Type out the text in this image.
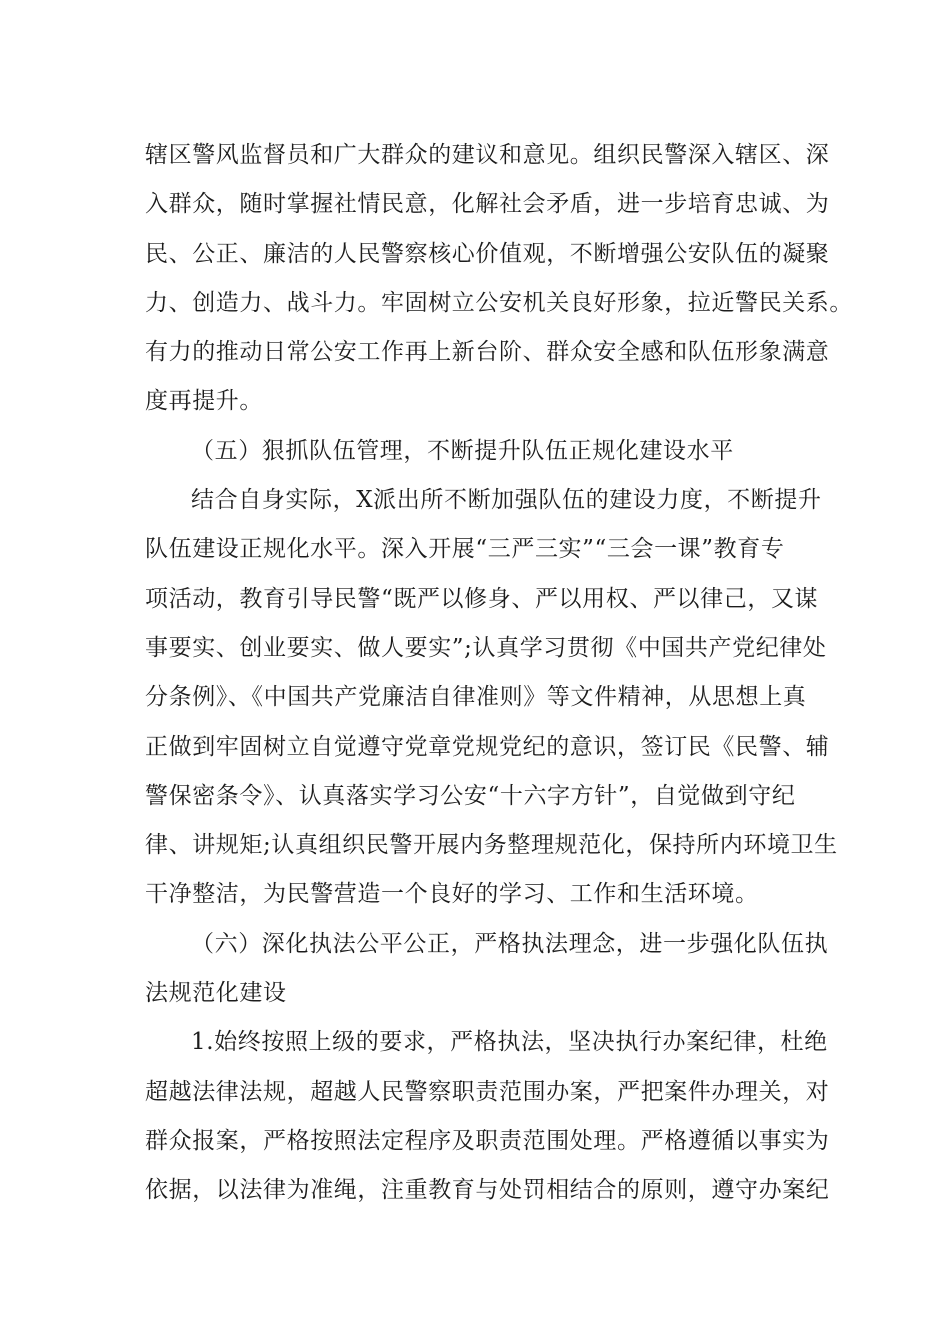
辖区警风监督员和广大群众的建议和意见。组织民警深入辖区、深
入群众，随时掌握社情民意，化解社会矛盾，进一步培育忠诚、为
民、公正、廉洁的人民警察核心价值观，不断增强公安队伍的凝聚
力、创造力、战斗力。牢固树立公安机关良好形象，拉近警民关系。
有力的推动日常公安工作再上新台阶、群众安全感和队伍形象满意
度再提升。
（五）狠抓队伍管理，不断提升队伍正规化建设水平
结合自身实际，X派出所不断加强队伍的建设力度，不断提升
队伍建设正规化水平。深入开展“三严三实”“三会一课”教育专
项活动，教育引导民警“既严以修身、严以用权、严以律己，又谋
事要实、创业要实、做人要实”;认真学习贯彻《中国共产党纪律处
分条例》、《中国共产党廉洁自律准则》等文件精神，从思想上真
正做到牢固树立自觉遵守党章党规党纪的意识，签订民《民警、辅
警保密条令》、认真落实学习公安“十六字方针”，自觉做到守纪
律、讲规矩;认真组织民警开展内务整理规范化，保持所内环境卫生
干净整洁，为民警营造一个良好的学习、工作和生活环境。
（六）深化执法公平公正，严格执法理念，进一步强化队伍执
法规范化建设
1.始终按照上级的要求，严格执法，坚决执行办案纪律，杜绝
超越法律法规，超越人民警察职责范围办案，严把案件办理关，对
群众报案，严格按照法定程序及职责范围处理。严格遵循以事实为
依据，以法律为准绳，注重教育与处罚相结合的原则，遵守办案纪
